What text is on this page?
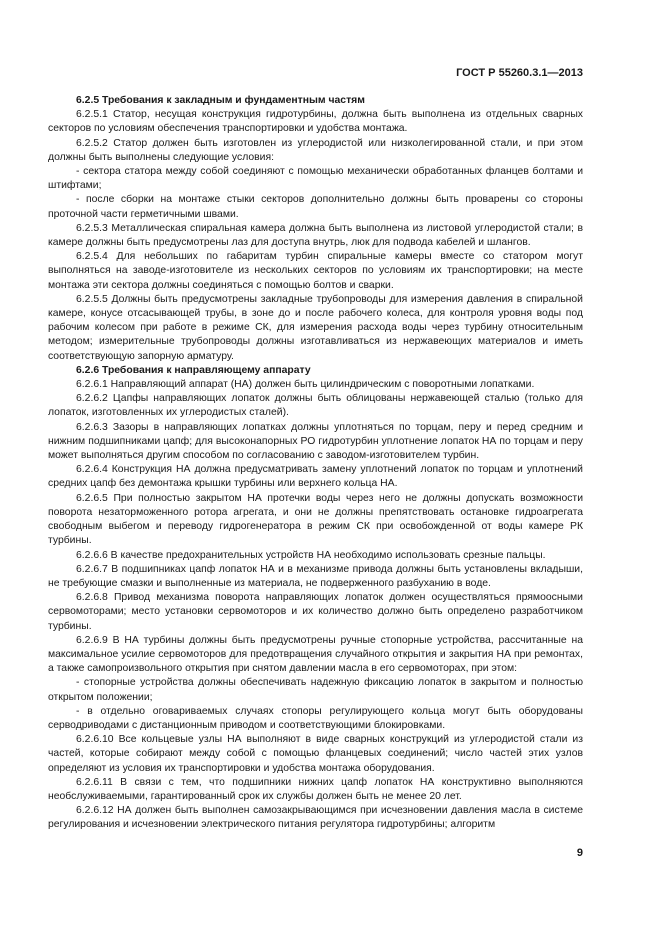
ГОСТ Р 55260.3.1—2013

6.2.5 Требования к закладным и фундаментным частям

6.2.5.1 Статор, несущая конструкция гидротурбины, должна быть выполнена из отдельных сварных секторов по условиям обеспечения транспортировки и удобства монтажа.

6.2.5.2 Статор должен быть изготовлен из углеродистой или низколегированной стали, и при этом должны быть выполнены следующие условия:

- сектора статора между собой соединяют с помощью механически обработанных фланцев болтами и штифтами;

- после сборки на монтаже стыки секторов дополнительно должны быть проварены со стороны проточной части герметичными швами.

6.2.5.3 Металлическая спиральная камера должна быть выполнена из листовой углеродистой стали; в камере должны быть предусмотрены лаз для доступа внутрь, люк для подвода кабелей и шлангов.

6.2.5.4 Для небольших по габаритам турбин спиральные камеры вместе со статором могут выполняться на заводе-изготовителе из нескольких секторов по условиям их транспортировки; на месте монтажа эти сектора должны соединяться с помощью болтов и сварки.

6.2.5.5 Должны быть предусмотрены закладные трубопроводы для измерения давления в спиральной камере, конусе отсасывающей трубы, в зоне до и после рабочего колеса, для контроля уровня воды под рабочим колесом при работе в режиме СК, для измерения расхода воды через турбину относительным методом; измерительные трубопроводы должны изготавливаться из нержавеющих материалов и иметь соответствующую запорную арматуру.

6.2.6 Требования к направляющему аппарату

6.2.6.1 Направляющий аппарат (НА) должен быть цилиндрическим с поворотными лопатками.

6.2.6.2 Цапфы направляющих лопаток должны быть облицованы нержавеющей сталью (только для лопаток, изготовленных их углеродистых сталей).

6.2.6.3 Зазоры в направляющих лопатках должны уплотняться по торцам, перу и перед средним и нижним подшипниками цапф; для высоконапорных РО гидротурбин уплотнение лопаток НА по торцам и перу может выполняться другим способом по согласованию с заводом-изготовителем турбин.

6.2.6.4 Конструкция НА должна предусматривать замену уплотнений лопаток по торцам и уплотнений средних цапф без демонтажа крышки турбины или верхнего кольца НА.

6.2.6.5 При полностью закрытом НА протечки воды через него не должны допускать возможности поворота незаторможенного ротора агрегата, и они не должны препятствовать остановке гидроагрегата свободным выбегом и переводу гидрогенератора в режим СК при освобожденной от воды камере РК турбины.

6.2.6.6 В качестве предохранительных устройств НА необходимо использовать срезные пальцы.

6.2.6.7 В подшипниках цапф лопаток НА и в механизме привода должны быть установлены вкладыши, не требующие смазки и выполненные из материала, не подверженного разбуханию в воде.

6.2.6.8 Привод механизма поворота направляющих лопаток должен осуществляться прямоосными сервомоторами; место установки сервомоторов и их количество должно быть определено разработчиком турбины.

6.2.6.9 В НА турбины должны быть предусмотрены ручные стопорные устройства, рассчитанные на максимальное усилие сервомоторов для предотвращения случайного открытия и закрытия НА при ремонтах, а также самопроизвольного открытия при снятом давлении масла в его сервомоторах, при этом:

- стопорные устройства должны обеспечивать надежную фиксацию лопаток в закрытом и полностью открытом положении;

- в отдельно оговариваемых случаях стопоры регулирующего кольца могут быть оборудованы серводриводами с дистанционным приводом и соответствующими блокировками.

6.2.6.10 Все кольцевые узлы НА выполняют в виде сварных конструкций из углеродистой стали из частей, которые собирают между собой с помощью фланцевых соединений; число частей этих узлов определяют из условия их транспортировки и удобства монтажа оборудования.

6.2.6.11 В связи с тем, что подшипники нижних цапф лопаток НА конструктивно выполняются необслуживаемыми, гарантированный срок их службы должен быть не менее 20 лет.

6.2.6.12 НА должен быть выполнен самозакрывающимся при исчезновении давления масла в системе регулирования и исчезновении электрического питания регулятора гидротурбины; алгоритм

9
